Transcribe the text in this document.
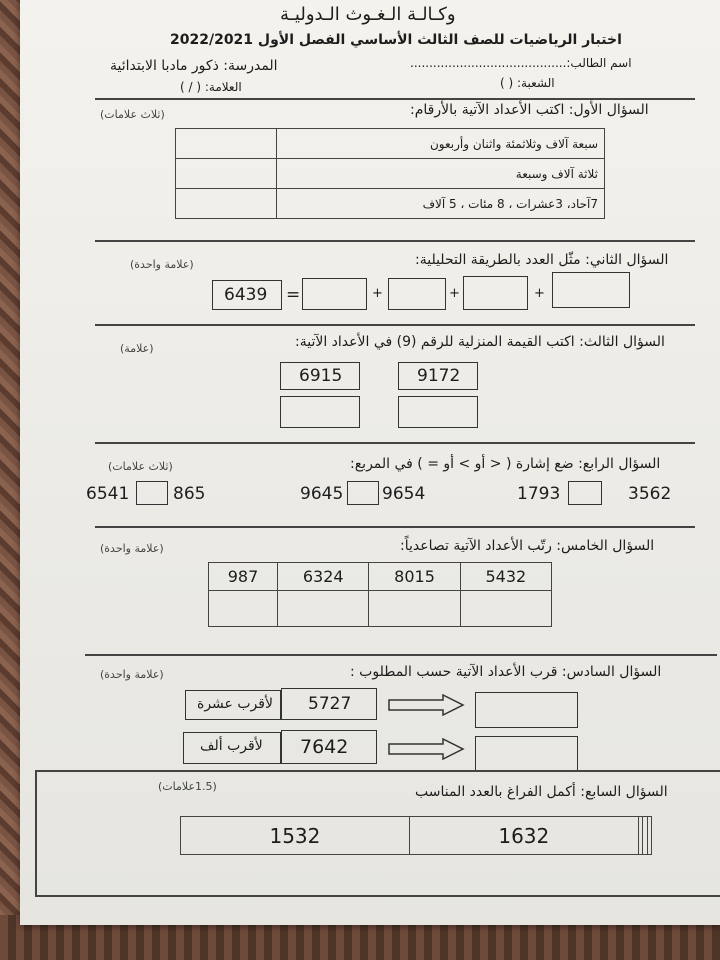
وكـالـة الـغـوث الـدوليـة
اختبار الرياضيات للصف الثالث الأساسي الفصل الأول 2022/2021
اسم الطالب:.........................................
المدرسة: ذكور مادبا الابتدائية
الشعبة: ( )
العلامة: ( / )
السؤال الأول: اكتب الأعداد الآتية بالأرقام:
(ثلاث علامات)
	سبعة آلاف وثلاثمئة واثنان وأربعون
	ثلاثة آلاف وسبعة
	7آحاد، 3عشرات ، 8 مئات ، 5 آلاف
السؤال الثاني: مثّل العدد بالطريقة التحليلية:
(علامة واحدة)
6439 =	+	+	+
السؤال الثالث: اكتب القيمة المنزلية للرقم (9) في الأعداد الآتية:
(علامة)
9172
6915
السؤال الرابع: ضع إشارة ( < أو > أو = ) في المربع:
(ثلاث علامات)
3562
1793
9654
9645
865
6541
السؤال الخامس: رتّب الأعداد الآتية تصاعدياً:
(علامة واحدة)
987	6324	8015	5432

السؤال السادس: قرب الأعداد الآتية حسب المطلوب :
(علامة واحدة)
لأقرب عشرة 5727
لأقرب ألف 7642
السؤال السابع: أكمل الفراغ بالعدد المناسب
(1.5علامات)
1532	1632			
